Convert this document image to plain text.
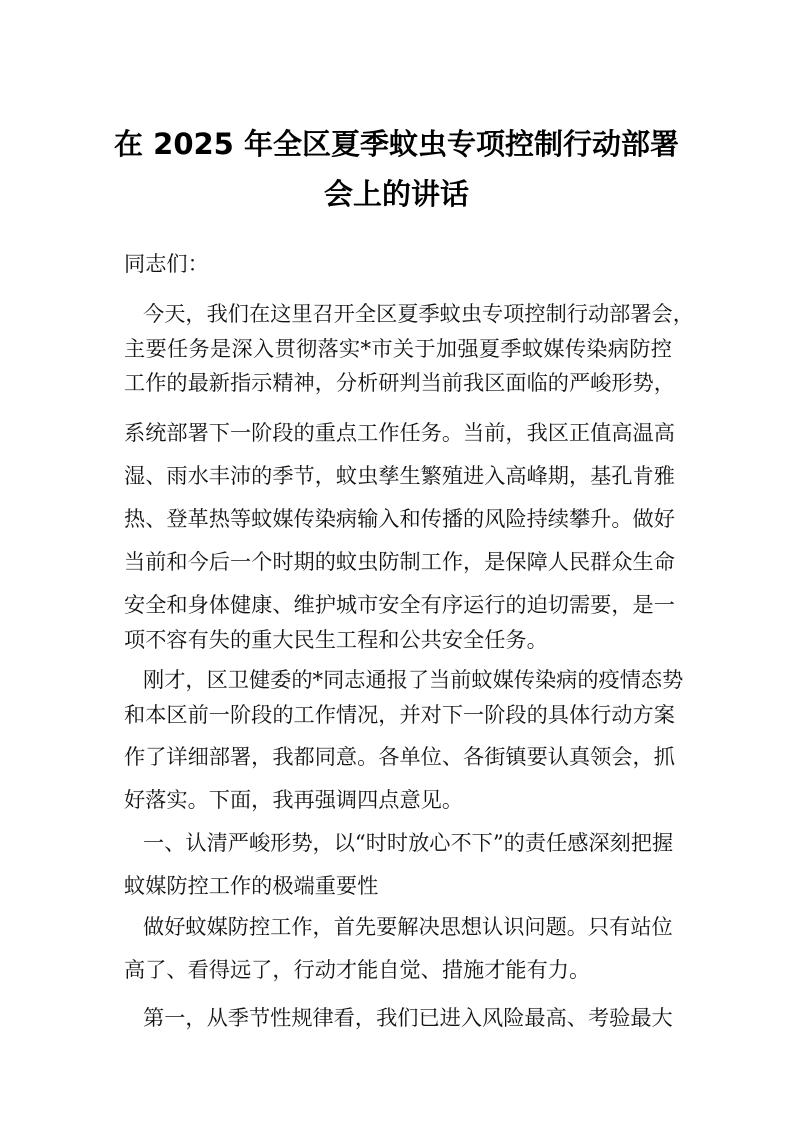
在 2025 年全区夏季蚊虫专项控制行动部署
会上的讲话
同志们：
今天，我们在这里召开全区夏季蚊虫专项控制行动部署会，
主要任务是深入贯彻落实*市关于加强夏季蚊媒传染病防控
工作的最新指示精神，分析研判当前我区面临的严峻形势，
系统部署下一阶段的重点工作任务。当前，我区正值高温高
湿、雨水丰沛的季节，蚊虫孳生繁殖进入高峰期，基孔肯雅
热、登革热等蚊媒传染病输入和传播的风险持续攀升。做好
当前和今后一个时期的蚊虫防制工作，是保障人民群众生命
安全和身体健康、维护城市安全有序运行的迫切需要，是一
项不容有失的重大民生工程和公共安全任务。
刚才，区卫健委的*同志通报了当前蚊媒传染病的疫情态势
和本区前一阶段的工作情况，并对下一阶段的具体行动方案
作了详细部署，我都同意。各单位、各街镇要认真领会，抓
好落实。下面，我再强调四点意见。
一、认清严峻形势，以“时时放心不下”的责任感深刻把握
蚊媒防控工作的极端重要性
做好蚊媒防控工作，首先要解决思想认识问题。只有站位
高了、看得远了，行动才能自觉、措施才能有力。
第一，从季节性规律看，我们已进入风险最高、考验最大
